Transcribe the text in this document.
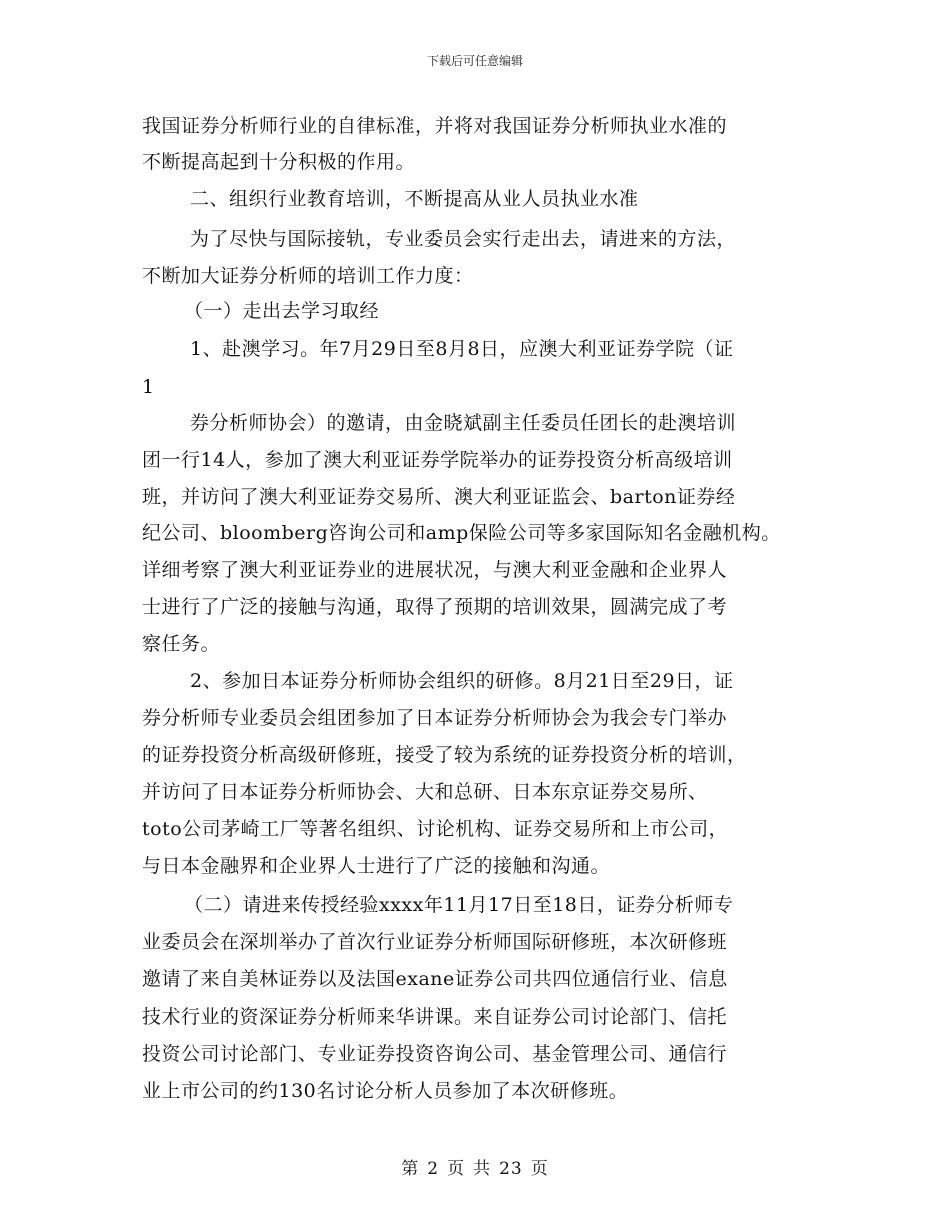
下载后可任意编辑
我国证券分析师行业的自律标准，并将对我国证券分析师执业水准的
不断提高起到十分积极的作用。
二、组织行业教育培训，不断提高从业人员执业水准
为了尽快与国际接轨，专业委员会实行走出去，请进来的方法，
不断加大证券分析师的培训工作力度：
（一）走出去学习取经
1、赴澳学习。年7月29日至8月8日，应澳大利亚证券学院（证
1
券分析师协会）的邀请，由金晓斌副主任委员任团长的赴澳培训
团一行14人，参加了澳大利亚证券学院举办的证券投资分析高级培训
班，并访问了澳大利亚证券交易所、澳大利亚证监会、barton证券经
纪公司、bloomberg咨询公司和amp保险公司等多家国际知名金融机构。
详细考察了澳大利亚证券业的进展状况，与澳大利亚金融和企业界人
士进行了广泛的接触与沟通，取得了预期的培训效果，圆满完成了考
察任务。
2、参加日本证券分析师协会组织的研修。8月21日至29日，证
券分析师专业委员会组团参加了日本证券分析师协会为我会专门举办
的证券投资分析高级研修班，接受了较为系统的证券投资分析的培训，
并访问了日本证券分析师协会、大和总研、日本东京证券交易所、
toto公司茅崎工厂等著名组织、讨论机构、证券交易所和上市公司，
与日本金融界和企业界人士进行了广泛的接触和沟通。
（二）请进来传授经验xxxx年11月17日至18日，证券分析师专
业委员会在深圳举办了首次行业证券分析师国际研修班，本次研修班
邀请了来自美林证券以及法国exane证券公司共四位通信行业、信息
技术行业的资深证券分析师来华讲课。来自证券公司讨论部门、信托
投资公司讨论部门、专业证券投资咨询公司、基金管理公司、通信行
业上市公司的约130名讨论分析人员参加了本次研修班。
第 2 页 共 23 页
